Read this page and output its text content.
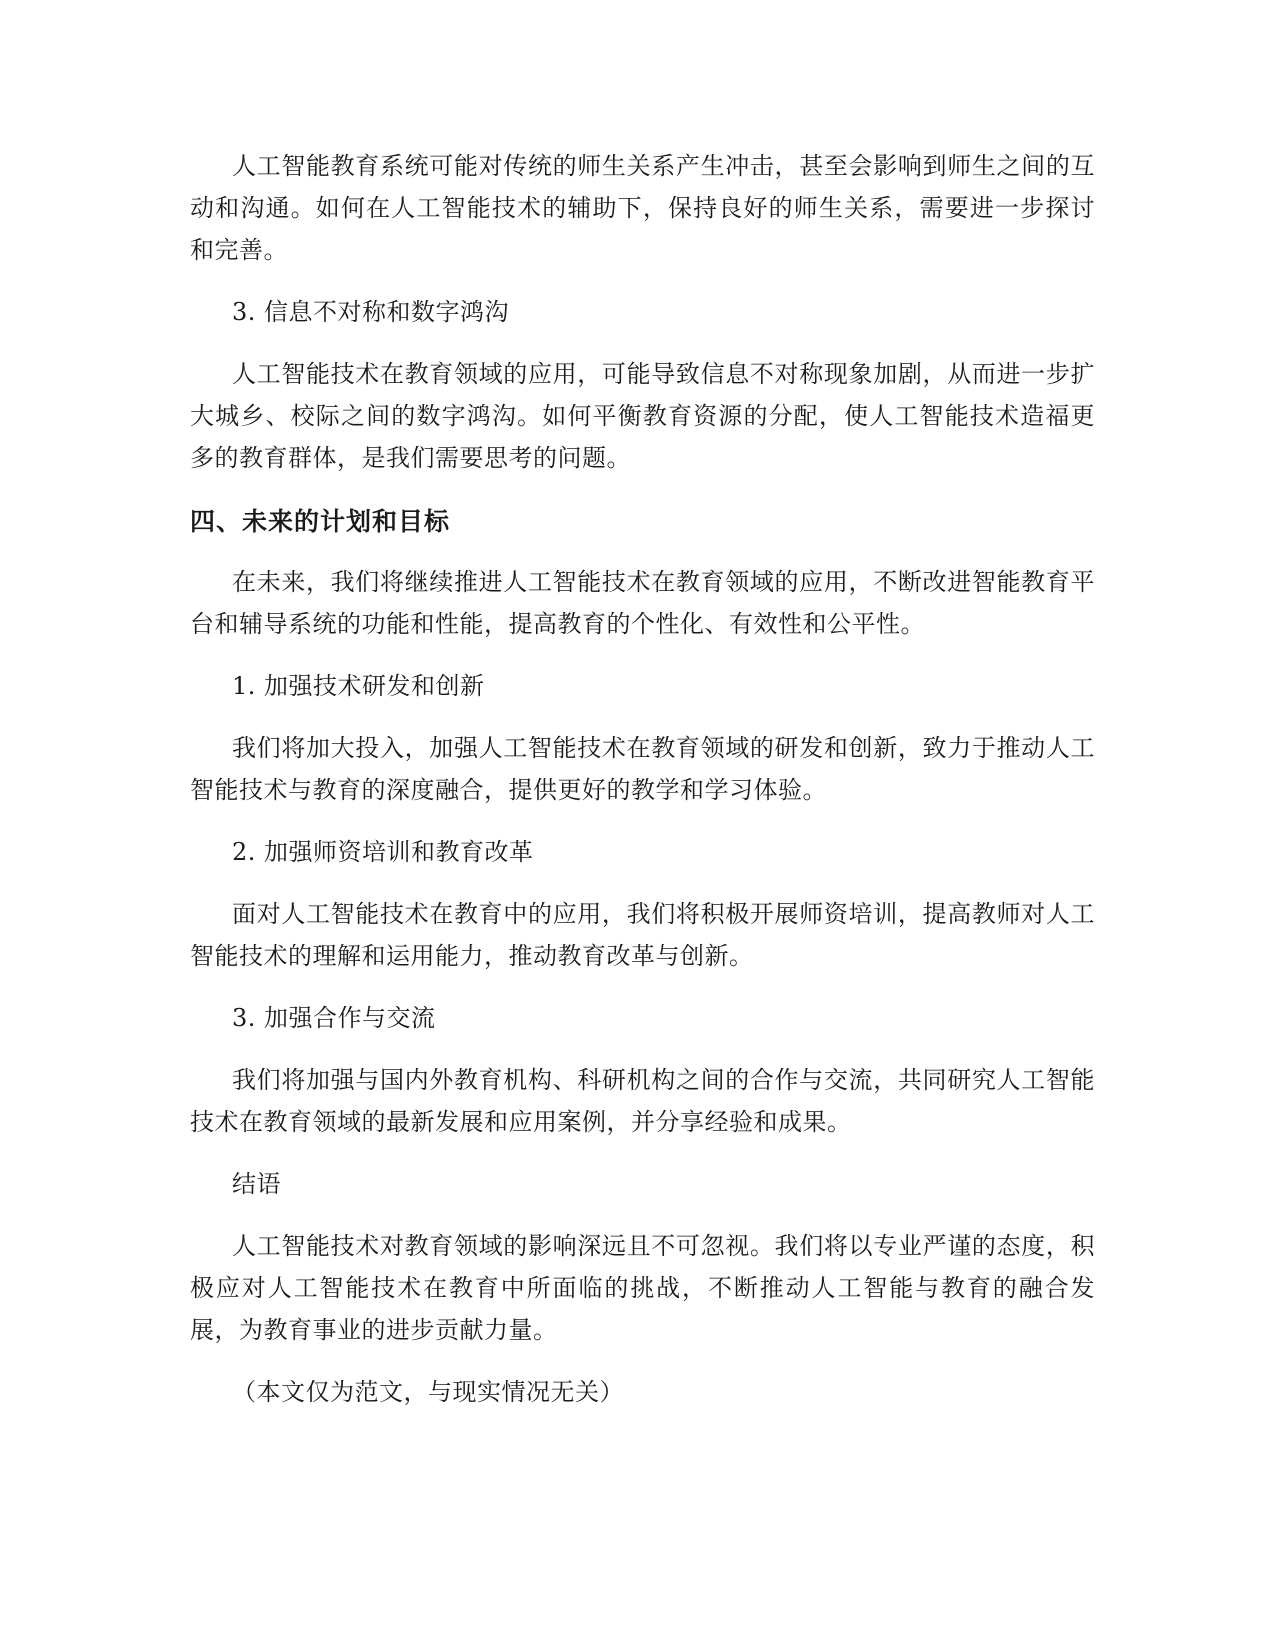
人工智能教育系统可能对传统的师生关系产生冲击，甚至会影响到师生之间的互动和沟通。如何在人工智能技术的辅助下，保持良好的师生关系，需要进一步探讨和完善。

3. 信息不对称和数字鸿沟

人工智能技术在教育领域的应用，可能导致信息不对称现象加剧，从而进一步扩大城乡、校际之间的数字鸿沟。如何平衡教育资源的分配，使人工智能技术造福更多的教育群体，是我们需要思考的问题。

四、未来的计划和目标

在未来，我们将继续推进人工智能技术在教育领域的应用，不断改进智能教育平台和辅导系统的功能和性能，提高教育的个性化、有效性和公平性。

1. 加强技术研发和创新

我们将加大投入，加强人工智能技术在教育领域的研发和创新，致力于推动人工智能技术与教育的深度融合，提供更好的教学和学习体验。

2. 加强师资培训和教育改革

面对人工智能技术在教育中的应用，我们将积极开展师资培训，提高教师对人工智能技术的理解和运用能力，推动教育改革与创新。

3. 加强合作与交流

我们将加强与国内外教育机构、科研机构之间的合作与交流，共同研究人工智能技术在教育领域的最新发展和应用案例，并分享经验和成果。

结语

人工智能技术对教育领域的影响深远且不可忽视。我们将以专业严谨的态度，积极应对人工智能技术在教育中所面临的挑战，不断推动人工智能与教育的融合发展，为教育事业的进步贡献力量。

（本文仅为范文，与现实情况无关）
